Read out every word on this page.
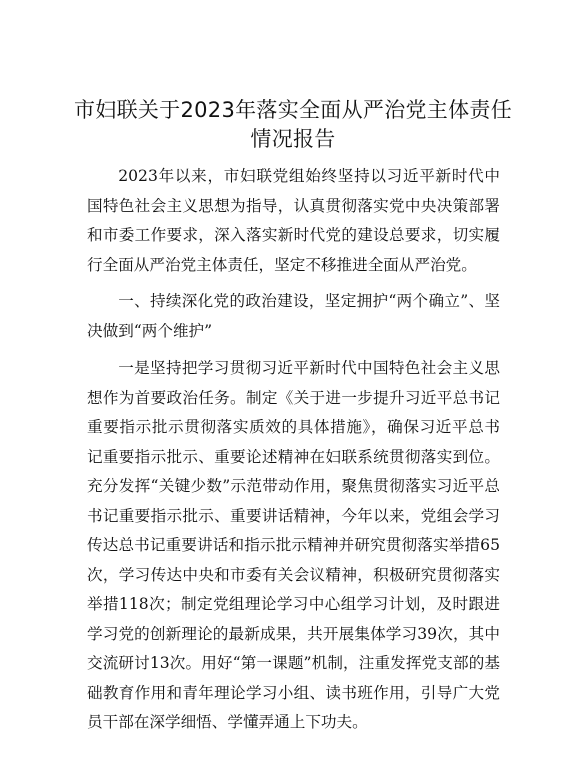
市妇联关于2023年落实全面从严治党主体责任情况报告

2023年以来，市妇联党组始终坚持以习近平新时代中国特色社会主义思想为指导，认真贯彻落实党中央决策部署和市委工作要求，深入落实新时代党的建设总要求，切实履行全面从严治党主体责任，坚定不移推进全面从严治党。

一、持续深化党的政治建设，坚定拥护“两个确立”、坚决做到“两个维护”

一是坚持把学习贯彻习近平新时代中国特色社会主义思想作为首要政治任务。制定《关于进一步提升习近平总书记重要指示批示贯彻落实质效的具体措施》，确保习近平总书记重要指示批示、重要论述精神在妇联系统贯彻落实到位。充分发挥“关键少数”示范带动作用，聚焦贯彻落实习近平总书记重要指示批示、重要讲话精神，今年以来，党组会学习传达总书记重要讲话和指示批示精神并研究贯彻落实举措65次，学习传达中央和市委有关会议精神，积极研究贯彻落实举措118次；制定党组理论学习中心组学习计划，及时跟进学习党的创新理论的最新成果，共开展集体学习39次，其中交流研讨13次。用好“第一课题”机制，注重发挥党支部的基础教育作用和青年理论学习小组、读书班作用，引导广大党员干部在深学细悟、学懂弄通上下功夫。
